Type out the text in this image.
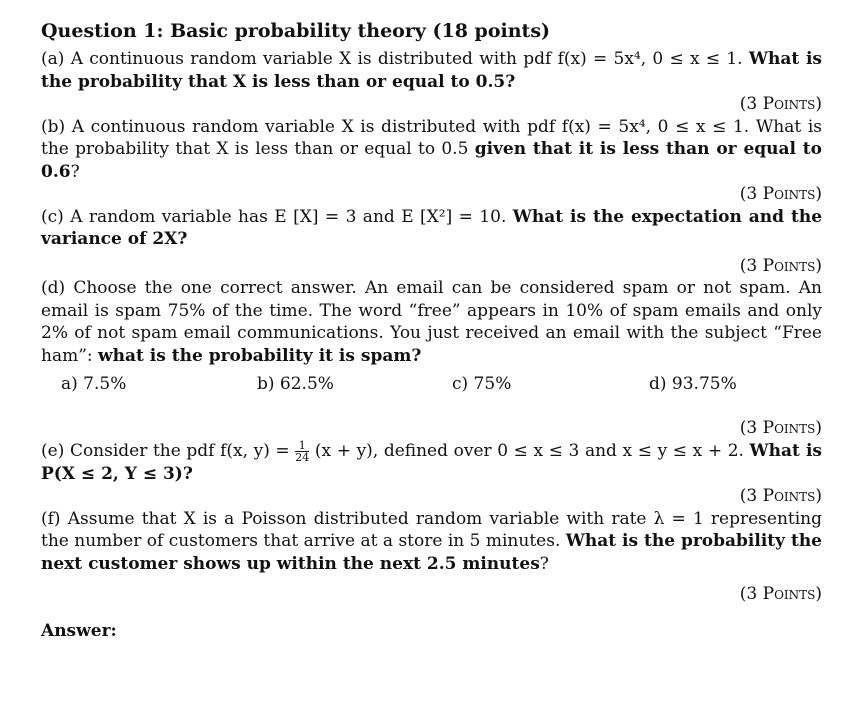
Question 1: Basic probability theory (18 points)

(a) A continuous random variable X is distributed with pdf f(x) = 5x⁴, 0 ≤ x ≤ 1. What is the probability that X is less than or equal to 0.5?

(3 Points)

(b) A continuous random variable X is distributed with pdf f(x) = 5x⁴, 0 ≤ x ≤ 1. What is the probability that X is less than or equal to 0.5 given that it is less than or equal to 0.6?

(3 Points)

(c) A random variable has E [X] = 3 and E [X²] = 10. What is the expectation and the variance of 2X?

(3 Points)

(d) Choose the one correct answer. An email can be considered spam or not spam. An email is spam 75% of the time. The word “free” appears in 10% of spam emails and only 2% of not spam email communications. You just received an email with the subject “Free ham”: what is the probability it is spam?

a) 7.5%	b) 62.5%	c) 75%	d) 93.75%

(3 Points)

(e) Consider the pdf f(x, $y) = \frac{1}{24} (x + y)$, defined over 0 ≤ x ≤ 3 and x ≤ y ≤ x + 2. What is P(X ≤ 2, Y ≤ 3)?

(3 Points)

(f) Assume that X is a Poisson distributed random variable with rate λ = 1 representing the number of customers that arrive at a store in 5 minutes. What is the probability the next customer shows up within the next 2.5 minutes?

(3 Points)

Answer:
